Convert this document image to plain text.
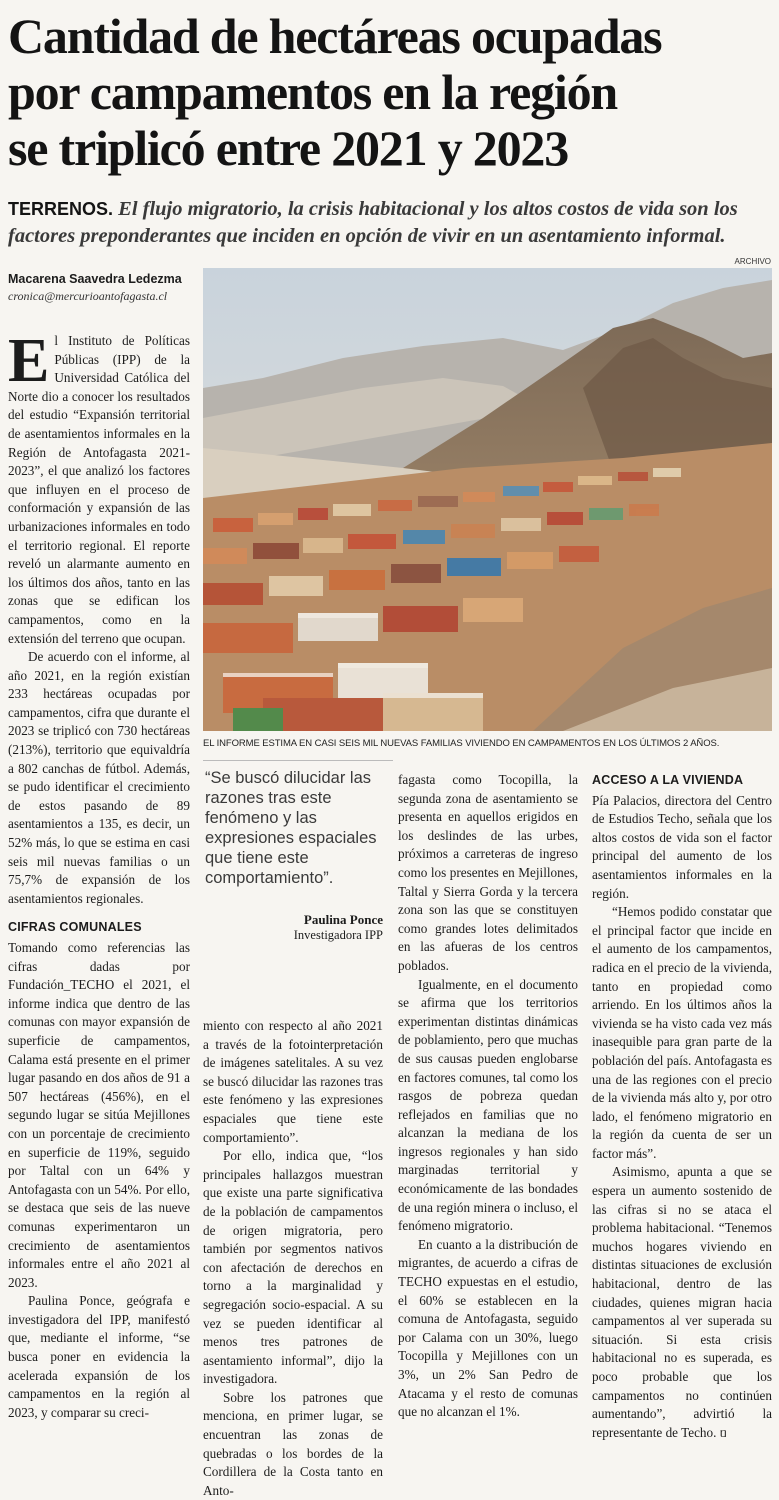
Cantidad de hectáreas ocupadas
por campamentos en la región
se triplicó entre 2021 y 2023
TERRENOS. El flujo migratorio, la crisis habitacional y los altos costos de vida son los factores preponderantes que inciden en opción de vivir en un asentamiento informal.
Macarena Saavedra Ledezma
cronica@mercurioantofagasta.cl
ARCHIVO
EL INFORME ESTIMA EN CASI SEIS MIL NUEVAS FAMILIAS VIVIENDO EN CAMPAMENTOS EN LOS ÚLTIMOS 2 AÑOS.

El Instituto de Políticas Públicas (IPP) de la Universidad Católica del Norte dio a conocer los resultados del estudio “Expansión territorial de asentamientos informales en la Región de Antofagasta 2021-2023”, el que analizó los factores que influyen en el proceso de conformación y expansión de las urbanizaciones informales en todo el territorio regional. El reporte reveló un alarmante aumento en los últimos dos años, tanto en las zonas que se edifican los campamentos, como en la extensión del terreno que ocupan.

De acuerdo con el informe, al año 2021, en la región existían 233 hectáreas ocupadas por campamentos, cifra que durante el 2023 se triplicó con 730 hectáreas (213%), territorio que equivaldría a 802 canchas de fútbol. Además, se pudo identificar el crecimiento de estos pasando de 89 asentamientos a 135, es decir, un 52% más, lo que se estima en casi seis mil nuevas familias o un 75,7% de expansión de los asentamientos regionales.

CIFRAS COMUNALES

Tomando como referencias las cifras dadas por Fundación_TECHO el 2021, el informe indica que dentro de las comunas con mayor expansión de superficie de campamentos, Calama está presente en el primer lugar pasando en dos años de 91 a 507 hectáreas (456%), en el segundo lugar se sitúa Mejillones con un porcentaje de crecimiento en superficie de 119%, seguido por Taltal con un 64% y Antofagasta con un 54%. Por ello, se destaca que seis de las nueve comunas experimentaron un crecimiento de asentamientos informales entre el año 2021 al 2023.

Paulina Ponce, geógrafa e investigadora del IPP, manifestó que, mediante el informe, “se busca poner en evidencia la acelerada expansión de los campamentos en la región al 2023, y comparar su creci-

“Se buscó dilucidar las razones tras este fenómeno y las expresiones espaciales que tiene este comportamiento”.
Paulina Ponce
Investigadora IPP

miento con respecto al año 2021 a través de la fotointerpretación de imágenes satelitales. A su vez se buscó dilucidar las razones tras este fenómeno y las expresiones espaciales que tiene este comportamiento”.

Por ello, indica que, “los principales hallazgos muestran que existe una parte significativa de la población de campamentos de origen migratoria, pero también por segmentos nativos con afectación de derechos en torno a la marginalidad y segregación socio-espacial. A su vez se pueden identificar al menos tres patrones de asentamiento informal”, dijo la investigadora.

Sobre los patrones que menciona, en primer lugar, se encuentran las zonas de quebradas o los bordes de la Cordillera de la Costa tanto en Anto-

fagasta como Tocopilla, la segunda zona de asentamiento se presenta en aquellos erigidos en los deslindes de las urbes, próximos a carreteras de ingreso como los presentes en Mejillones, Taltal y Sierra Gorda y la tercera zona son las que se constituyen como grandes lotes delimitados en las afueras de los centros poblados.

Igualmente, en el documento se afirma que los territorios experimentan distintas dinámicas de poblamiento, pero que muchas de sus causas pueden englobarse en factores comunes, tal como los rasgos de pobreza quedan reflejados en familias que no alcanzan la mediana de los ingresos regionales y han sido marginadas territorial y económicamente de las bondades de una región minera o incluso, el fenómeno migratorio.

En cuanto a la distribución de migrantes, de acuerdo a cifras de TECHO expuestas en el estudio, el 60% se establecen en la comuna de Antofagasta, seguido por Calama con un 30%, luego Tocopilla y Mejillones con un 3%, un 2% San Pedro de Atacama y el resto de comunas que no alcanzan el 1%.

ACCESO A LA VIVIENDA

Pía Palacios, directora del Centro de Estudios Techo, señala que los altos costos de vida son el factor principal del aumento de los asentamientos informales en la región.

“Hemos podido constatar que el principal factor que incide en el aumento de los campamentos, radica en el precio de la vivienda, tanto en propiedad como arriendo. En los últimos años la vivienda se ha visto cada vez más inasequible para gran parte de la población del país. Antofagasta es una de las regiones con el precio de la vivienda más alto y, por otro lado, el fenómeno migratorio en la región da cuenta de ser un factor más”.

Asimismo, apunta a que se espera un aumento sostenido de las cifras si no se ataca el problema habitacional. “Tenemos muchos hogares viviendo en distintas situaciones de exclusión habitacional, dentro de las ciudades, quienes migran hacia campamentos al ver superada su situación. Si esta crisis habitacional no es superada, es poco probable que los campamentos no continúen aumentando”, advirtió la representante de Techo. ᥝ
